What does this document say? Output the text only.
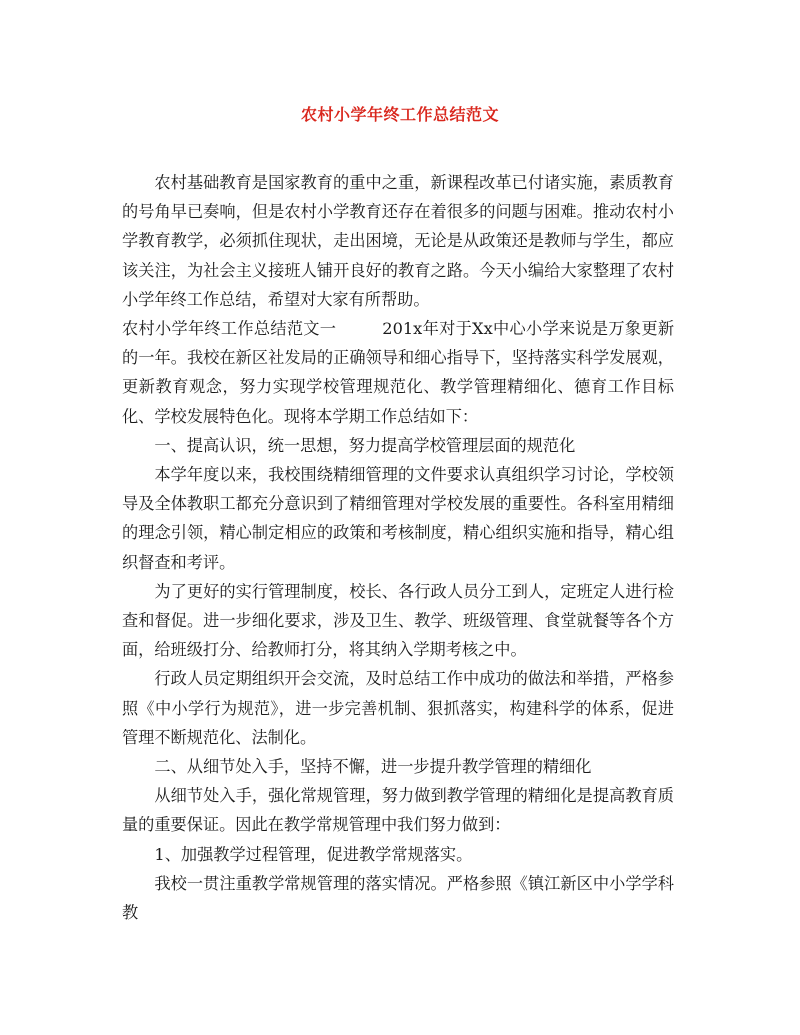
农村小学年终工作总结范文

农村基础教育是国家教育的重中之重，新课程改革已付诸实施，素质教育的号角早已奏响，但是农村小学教育还存在着很多的问题与困难。推动农村小学教育教学，必须抓住现状，走出困境，无论是从政策还是教师与学生，都应该关注，为社会主义接班人铺开良好的教育之路。今天小编给大家整理了农村小学年终工作总结，希望对大家有所帮助。

农村小学年终工作总结范文一	201x年对于Xx中心小学来说是万象更新的一年。我校在新区社发局的正确领导和细心指导下，坚持落实科学发展观，更新教育观念，努力实现学校管理规范化、教学管理精细化、德育工作目标化、学校发展特色化。现将本学期工作总结如下：

一、提高认识，统一思想，努力提高学校管理层面的规范化

本学年度以来，我校围绕精细管理的文件要求认真组织学习讨论，学校领导及全体教职工都充分意识到了精细管理对学校发展的重要性。各科室用精细的理念引领，精心制定相应的政策和考核制度，精心组织实施和指导，精心组织督查和考评。

为了更好的实行管理制度，校长、各行政人员分工到人，定班定人进行检查和督促。进一步细化要求，涉及卫生、教学、班级管理、食堂就餐等各个方面，给班级打分、给教师打分，将其纳入学期考核之中。

行政人员定期组织开会交流，及时总结工作中成功的做法和举措，严格参照《中小学行为规范》，进一步完善机制、狠抓落实，构建科学的体系，促进管理不断规范化、法制化。

二、从细节处入手，坚持不懈，进一步提升教学管理的精细化

从细节处入手，强化常规管理，努力做到教学管理的精细化是提高教育质量的重要保证。因此在教学常规管理中我们努力做到：

1、加强教学过程管理，促进教学常规落实。

我校一贯注重教学常规管理的落实情况。严格参照《镇江新区中小学学科教
